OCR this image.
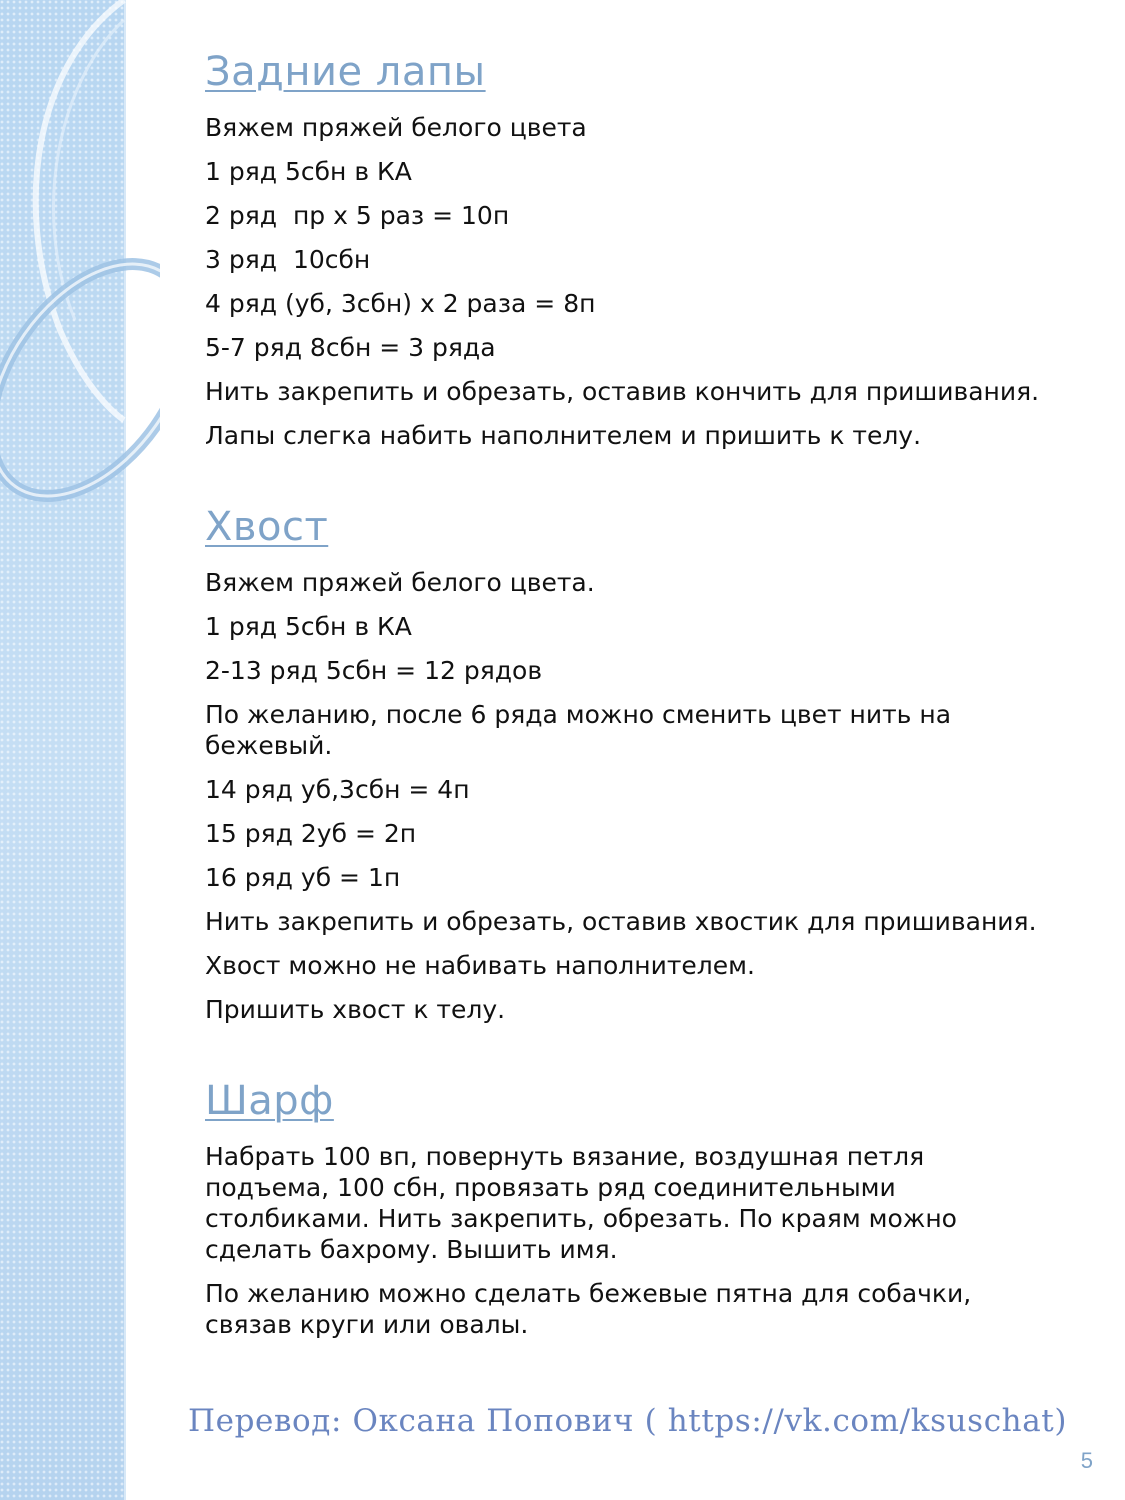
Задние лапы
Вяжем пряжей белого цвета
1 ряд 5сбн в КА
2 ряд  пр х 5 раз = 10п
3 ряд  10сбн
4 ряд (уб, 3сбн) х 2 раза = 8п
5-7 ряд 8сбн = 3 ряда
Нить закрепить и обрезать, оставив кончить для пришивания.
Лапы слегка набить наполнителем и пришить к телу.
Хвост
Вяжем пряжей белого цвета.
1 ряд 5сбн в КА
2-13 ряд 5сбн = 12 рядов
По желанию, после 6 ряда можно сменить цвет нить на бежевый.
14 ряд уб,3сбн = 4п
15 ряд 2уб = 2п
16 ряд уб = 1п
Нить закрепить и обрезать, оставив хвостик для пришивания.
Хвост можно не набивать наполнителем.
Пришить хвост к телу.
Шарф
Набрать 100 вп, повернуть вязание, воздушная петля подъема, 100 сбн, провязать ряд соединительными столбиками. Нить закрепить, обрезать. По краям можно сделать бахрому. Вышить имя.
По желанию можно сделать бежевые пятна для собачки, связав круги или овалы.
Перевод: Оксана Попович ( https://vk.com/ksuschat)
5
